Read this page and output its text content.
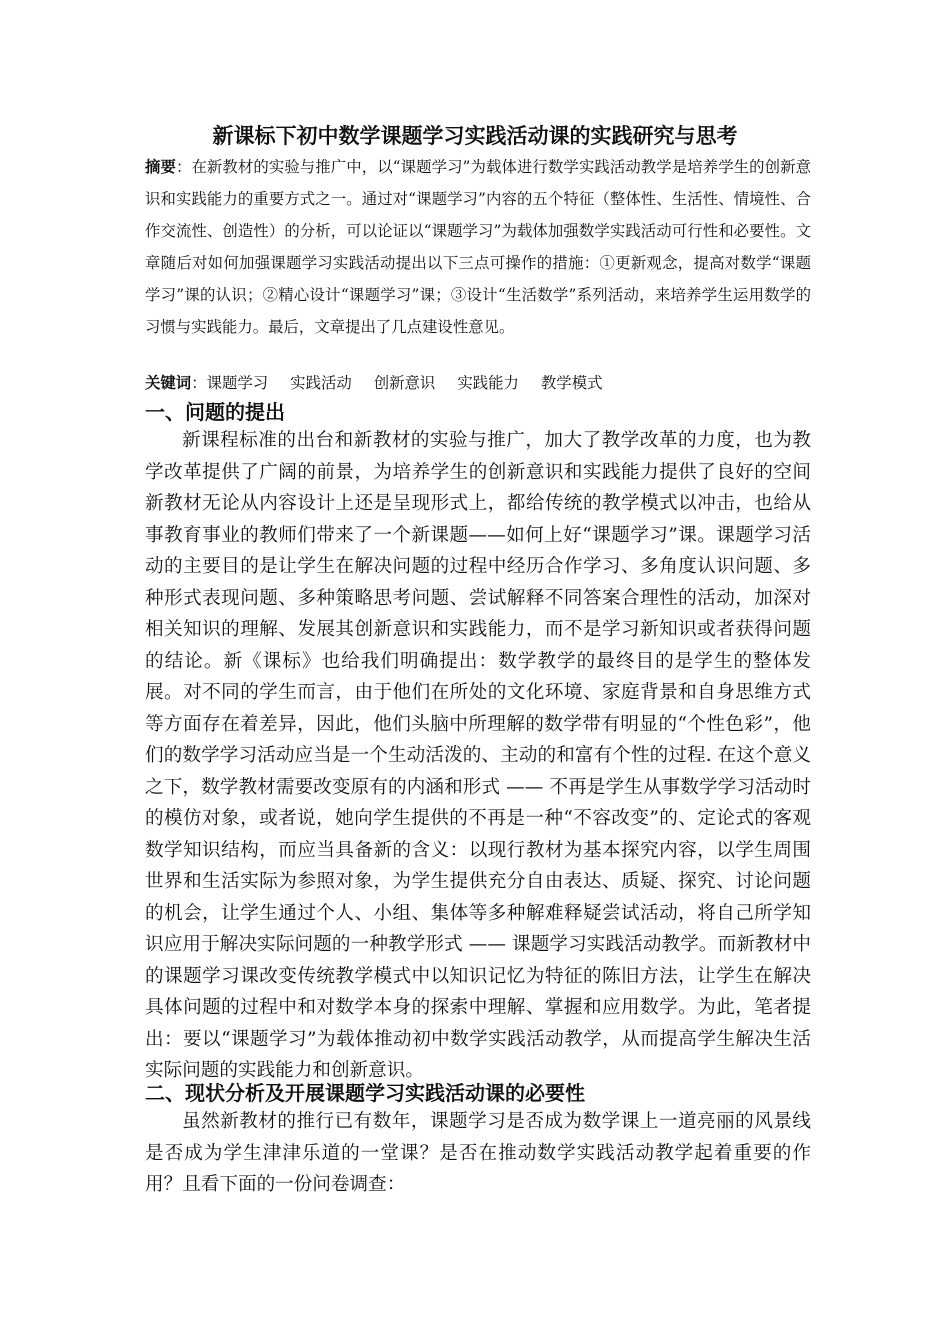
新课标下初中数学课题学习实践活动课的实践研究与思考
摘要：在新教材的实验与推广中，以“课题学习”为载体进行数学实践活动教学是培养学生的创新意识和实践能力的重要方式之一。通过对“课题学习”内容的五个特征（整体性、生活性、情境性、合作交流性、创造性）的分析，可以论证以“课题学习”为载体加强数学实践活动可行性和必要性。文章随后对如何加强课题学习实践活动提出以下三点可操作的措施：①更新观念，提高对数学“课题学习”课的认识；②精心设计“课题学习”课；③设计“生活数学”系列活动，来培养学生运用数学的习惯与实践能力。最后，文章提出了几点建设性意见。
关键词：课题学习 实践活动 创新意识 实践能力 教学模式
一、问题的提出

新课程标准的出台和新教材的实验与推广，加大了教学改革的力度，也为教学改革提供了广阔的前景，为培养学生的创新意识和实践能力提供了良好的空间新教材无论从内容设计上还是呈现形式上，都给传统的教学模式以冲击，也给从事教育事业的教师们带来了一个新课题——如何上好“课题学习”课。课题学习活动的主要目的是让学生在解决问题的过程中经历合作学习、多角度认识问题、多种形式表现问题、多种策略思考问题、尝试解释不同答案合理性的活动，加深对相关知识的理解、发展其创新意识和实践能力，而不是学习新知识或者获得问题的结论。新《课标》也给我们明确提出：数学教学的最终目的是学生的整体发展。对不同的学生而言，由于他们在所处的文化环境、家庭背景和自身思维方式等方面存在着差异，因此，他们头脑中所理解的数学带有明显的“个性色彩”，他们的数学学习活动应当是一个生动活泼的、主动的和富有个性的过程. 在这个意义之下，数学教材需要改变原有的内涵和形式 —— 不再是学生从事数学学习活动时的模仿对象，或者说，她向学生提供的不再是一种“不容改变”的、定论式的客观数学知识结构，而应当具备新的含义：以现行教材为基本探究内容，以学生周围世界和生活实际为参照对象，为学生提供充分自由表达、质疑、探究、讨论问题的机会，让学生通过个人、小组、集体等多种解难释疑尝试活动，将自己所学知识应用于解决实际问题的一种教学形式 —— 课题学习实践活动教学。而新教材中的课题学习课改变传统教学模式中以知识记忆为特征的陈旧方法，让学生在解决具体问题的过程中和对数学本身的探索中理解、掌握和应用数学。为此，笔者提出：要以“课题学习”为载体推动初中数学实践活动教学，从而提高学生解决生活实际问题的实践能力和创新意识。

二、现状分析及开展课题学习实践活动课的必要性

虽然新教材的推行已有数年，课题学习是否成为数学课上一道亮丽的风景线是否成为学生津津乐道的一堂课？是否在推动数学实践活动教学起着重要的作用？且看下面的一份问卷调查：
